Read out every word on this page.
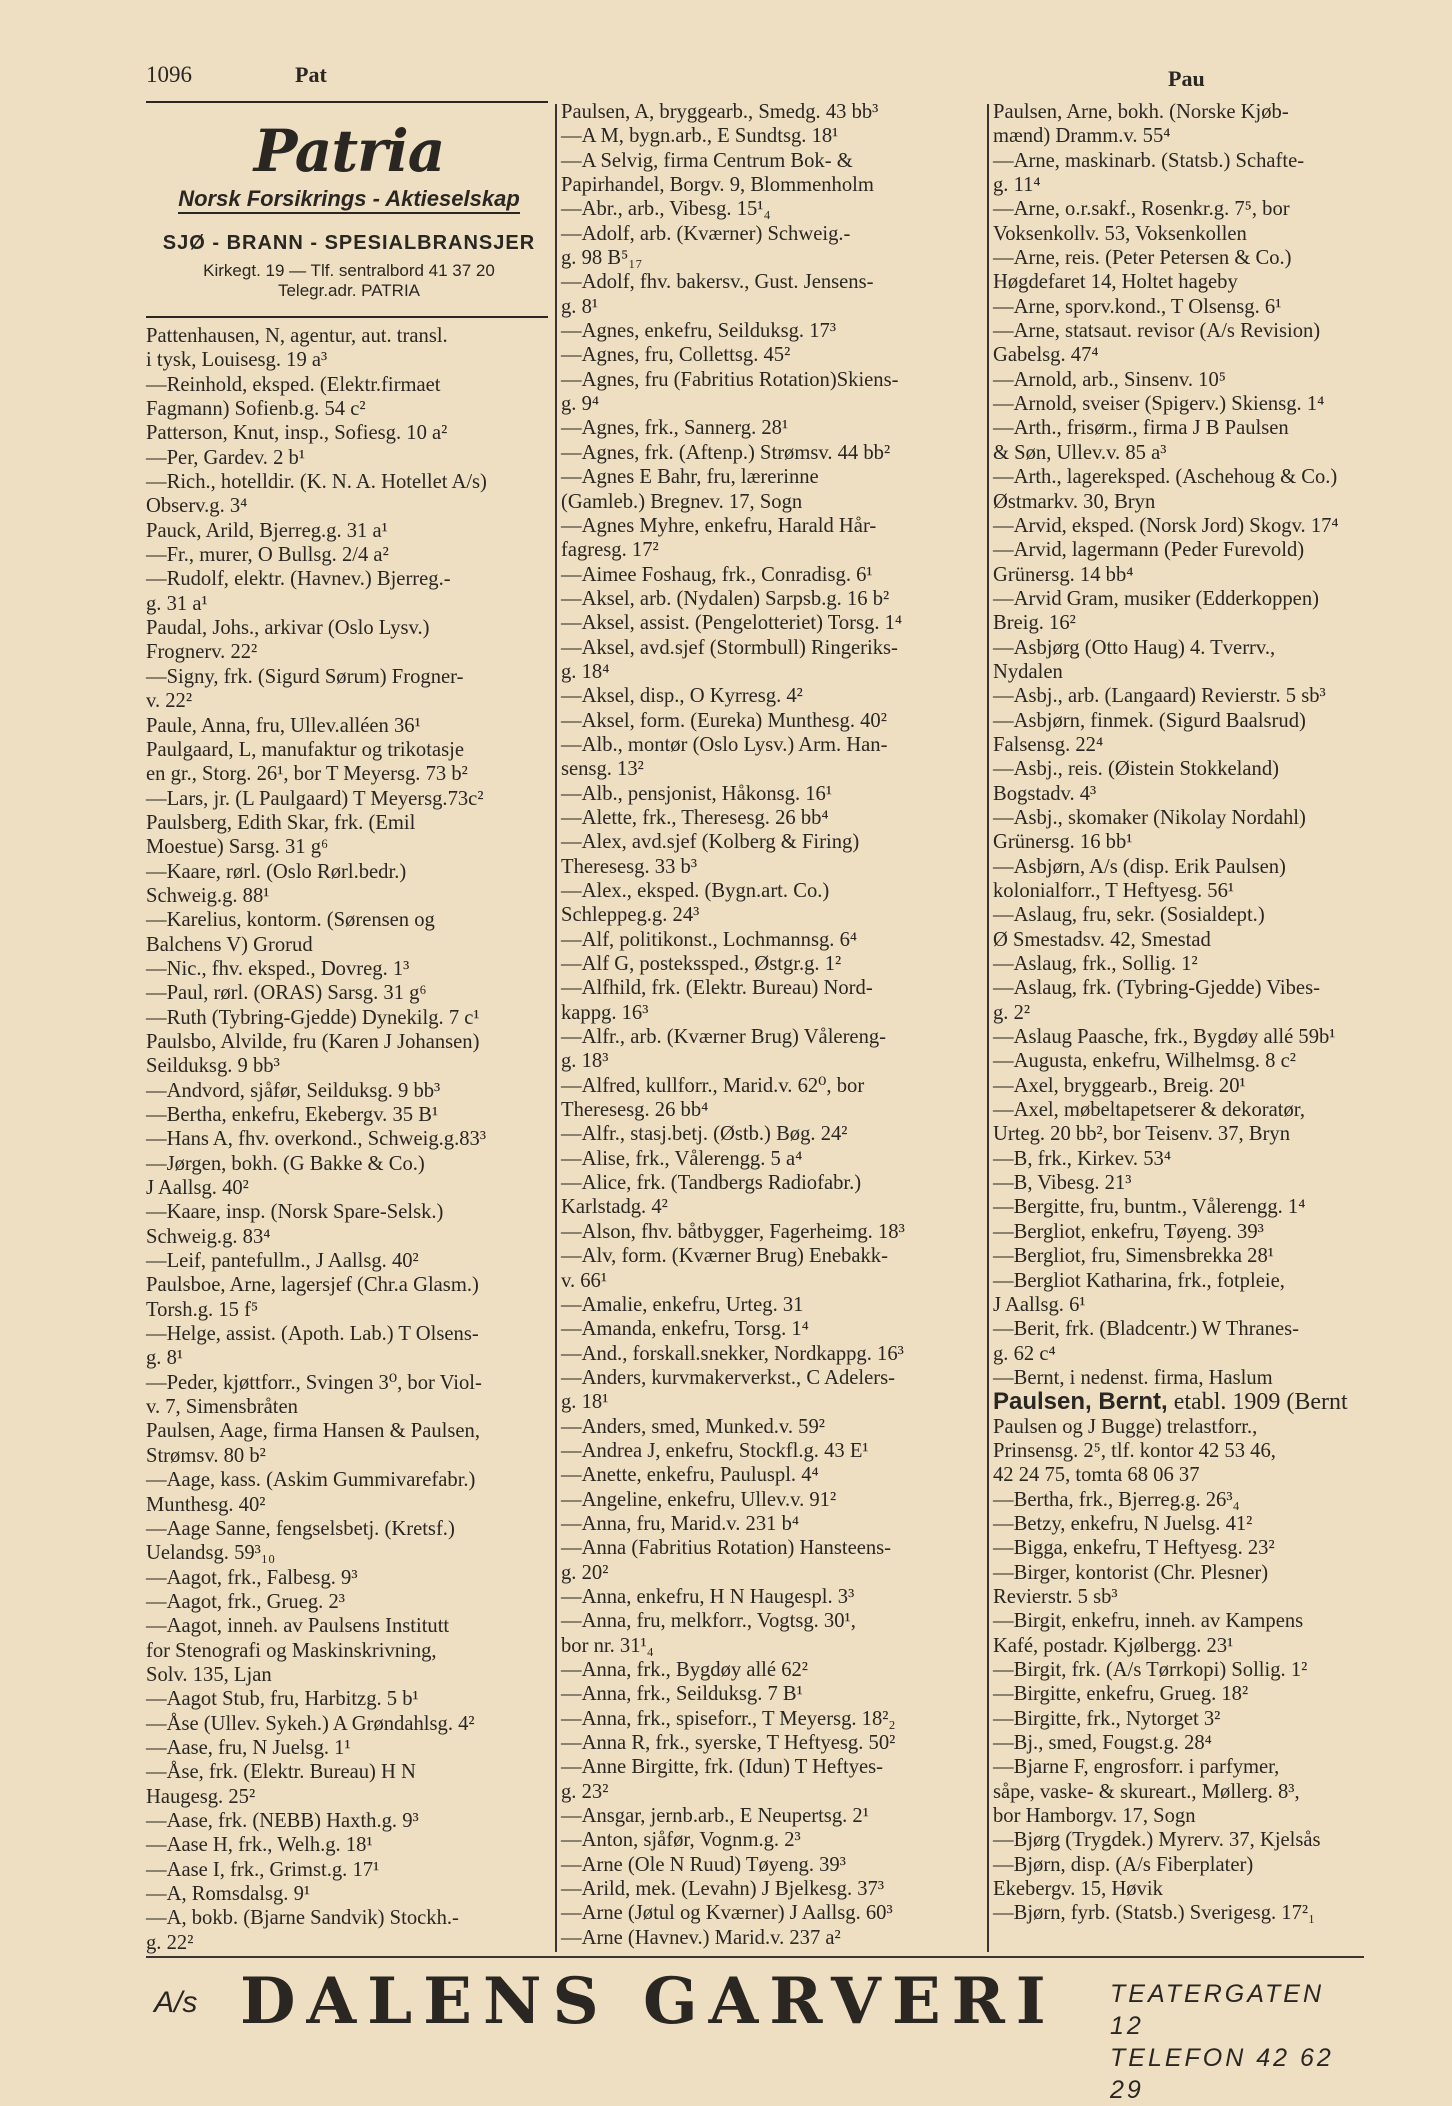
1096	Pat	Pau
Patria
Norsk Forsikrings - Aktieselskap
SJØ - BRANN - SPESIALBRANSJER
Kirkegt. 19 — Tlf. sentralbord 41 37 20
Telegr.adr. PATRIA

Pattenhausen, N, agentur, aut. transl.

i tysk, Louisesg. 19 a³

—Reinhold, eksped. (Elektr.firmaet

Fagmann) Sofienb.g. 54 c²

Patterson, Knut, insp., Sofiesg. 10 a²

—Per, Gardev. 2 b¹

—Rich., hotelldir. (K. N. A. Hotellet A/s)

Observ.g. 3⁴

Pauck, Arild, Bjerreg.g. 31 a¹

—Fr., murer, O Bullsg. 2/4 a²

—Rudolf, elektr. (Havnev.) Bjerreg.-

g. 31 a¹

Paudal, Johs., arkivar (Oslo Lysv.)

Frognerv. 22²

—Signy, frk. (Sigurd Sørum) Frogner-

v. 22²

Paule, Anna, fru, Ullev.alléen 36¹

Paulgaard, L, manufaktur og trikotasje

en gr., Storg. 26¹, bor T Meyersg. 73 b²

—Lars, jr. (L Paulgaard) T Meyersg.73c²

Paulsberg, Edith Skar, frk. (Emil

Moestue) Sarsg. 31 g⁶

—Kaare, rørl. (Oslo Rørl.bedr.)

Schweig.g. 88¹

—Karelius, kontorm. (Sørensen og

Balchens V) Grorud

—Nic., fhv. eksped., Dovreg. 1³

—Paul, rørl. (ORAS) Sarsg. 31 g⁶

—Ruth (Tybring-Gjedde) Dynekilg. 7 c¹

Paulsbo, Alvilde, fru (Karen J Johansen)

Seilduksg. 9 bb³

—Andvord, sjåfør, Seilduksg. 9 bb³

—Bertha, enkefru, Ekebergv. 35 B¹

—Hans A, fhv. overkond., Schweig.g.83³

—Jørgen, bokh. (G Bakke & Co.)

J Aallsg. 40²

—Kaare, insp. (Norsk Spare-Selsk.)

Schweig.g. 83⁴

—Leif, pantefullm., J Aallsg. 40²

Paulsboe, Arne, lagersjef (Chr.a Glasm.)

Torsh.g. 15 f⁵

—Helge, assist. (Apoth. Lab.) T Olsens-

g. 8¹

—Peder, kjøttforr., Svingen 3⁰, bor Viol-

v. 7, Simensbråten

Paulsen, Aage, firma Hansen & Paulsen,

Strømsv. 80 b²

—Aage, kass. (Askim Gummivarefabr.)

Munthesg. 40²

—Aage Sanne, fengselsbetj. (Kretsf.)

Uelandsg. 59³₁₀

—Aagot, frk., Falbesg. 9³

—Aagot, frk., Grueg. 2³

—Aagot, inneh. av Paulsens Institutt

for Stenografi og Maskinskrivning,

Solv. 135, Ljan

—Aagot Stub, fru, Harbitzg. 5 b¹

—Åse (Ullev. Sykeh.) A Grøndahlsg. 4²

—Aase, fru, N Juelsg. 1¹

—Åse, frk. (Elektr. Bureau) H N

Haugesg. 25²

—Aase, frk. (NEBB) Haxth.g. 9³

—Aase H, frk., Welh.g. 18¹

—Aase I, frk., Grimst.g. 17¹

—A, Romsdalsg. 9¹

—A, bokb. (Bjarne Sandvik) Stockh.-

g. 22²

Paulsen, A, bryggearb., Smedg. 43 bb³

—A M, bygn.arb., E Sundtsg. 18¹

—A Selvig, firma Centrum Bok- &

Papirhandel, Borgv. 9, Blommenholm

—Abr., arb., Vibesg. 15¹₄

—Adolf, arb. (Kværner) Schweig.-

g. 98 B⁵₁₇

—Adolf, fhv. bakersv., Gust. Jensens-

g. 8¹

—Agnes, enkefru, Seilduksg. 17³

—Agnes, fru, Collettsg. 45²

—Agnes, fru (Fabritius Rotation)Skiens-

g. 9⁴

—Agnes, frk., Sannerg. 28¹

—Agnes, frk. (Aftenp.) Strømsv. 44 bb²

—Agnes E Bahr, fru, lærerinne

(Gamleb.) Bregnev. 17, Sogn

—Agnes Myhre, enkefru, Harald Hår-

fagresg. 17²

—Aimee Foshaug, frk., Conradisg. 6¹

—Aksel, arb. (Nydalen) Sarpsb.g. 16 b²

—Aksel, assist. (Pengelotteriet) Torsg. 1⁴

—Aksel, avd.sjef (Stormbull) Ringeriks-

g. 18⁴

—Aksel, disp., O Kyrresg. 4²

—Aksel, form. (Eureka) Munthesg. 40²

—Alb., montør (Oslo Lysv.) Arm. Han-

sensg. 13²

—Alb., pensjonist, Håkonsg. 16¹

—Alette, frk., Theresesg. 26 bb⁴

—Alex, avd.sjef (Kolberg & Firing)

Theresesg. 33 b³

—Alex., eksped. (Bygn.art. Co.)

Schleppeg.g. 24³

—Alf, politikonst., Lochmannsg. 6⁴

—Alf G, postekssped., Østgr.g. 1²

—Alfhild, frk. (Elektr. Bureau) Nord-

kappg. 16³

—Alfr., arb. (Kværner Brug) Vålereng-

g. 18³

—Alfred, kullforr., Marid.v. 62⁰, bor

Theresesg. 26 bb⁴

—Alfr., stasj.betj. (Østb.) Bøg. 24²

—Alise, frk., Vålerengg. 5 a⁴

—Alice, frk. (Tandbergs Radiofabr.)

Karlstadg. 4²

—Alson, fhv. båtbygger, Fagerheimg. 18³

—Alv, form. (Kværner Brug) Enebakk-

v. 66¹

—Amalie, enkefru, Urteg. 31

—Amanda, enkefru, Torsg. 1⁴

—And., forskall.snekker, Nordkappg. 16³

—Anders, kurvmakerverkst., C Adelers-

g. 18¹

—Anders, smed, Munked.v. 59²

—Andrea J, enkefru, Stockfl.g. 43 E¹

—Anette, enkefru, Pauluspl. 4⁴

—Angeline, enkefru, Ullev.v. 91²

—Anna, fru, Marid.v. 231 b⁴

—Anna (Fabritius Rotation) Hansteens-

g. 20²

—Anna, enkefru, H N Haugespl. 3³

—Anna, fru, melkforr., Vogtsg. 30¹,

bor nr. 31¹₄

—Anna, frk., Bygdøy allé 62²

—Anna, frk., Seilduksg. 7 B¹

—Anna, frk., spiseforr., T Meyersg. 18²₂

—Anna R, frk., syerske, T Heftyesg. 50²

—Anne Birgitte, frk. (Idun) T Heftyes-

g. 23²

—Ansgar, jernb.arb., E Neupertsg. 2¹

—Anton, sjåfør, Vognm.g. 2³

—Arne (Ole N Ruud) Tøyeng. 39³

—Arild, mek. (Levahn) J Bjelkesg. 37³

—Arne (Jøtul og Kværner) J Aallsg. 60³

—Arne (Havnev.) Marid.v. 237 a²

Paulsen, Arne, bokh. (Norske Kjøb-

mænd) Dramm.v. 55⁴

—Arne, maskinarb. (Statsb.) Schafte-

g. 11⁴

—Arne, o.r.sakf., Rosenkr.g. 7⁵, bor

Voksenkollv. 53, Voksenkollen

—Arne, reis. (Peter Petersen & Co.)

Høgdefaret 14, Holtet hageby

—Arne, sporv.kond., T Olsensg. 6¹

—Arne, statsaut. revisor (A/s Revision)

Gabelsg. 47⁴

—Arnold, arb., Sinsenv. 10⁵

—Arnold, sveiser (Spigerv.) Skiensg. 1⁴

—Arth., frisørm., firma J B Paulsen

& Søn, Ullev.v. 85 a³

—Arth., lagereksped. (Aschehoug & Co.)

Østmarkv. 30, Bryn

—Arvid, eksped. (Norsk Jord) Skogv. 17⁴

—Arvid, lagermann (Peder Furevold)

Grünersg. 14 bb⁴

—Arvid Gram, musiker (Edderkoppen)

Breig. 16²

—Asbjørg (Otto Haug) 4. Tverrv.,

Nydalen

—Asbj., arb. (Langaard) Revierstr. 5 sb³

—Asbjørn, finmek. (Sigurd Baalsrud)

Falsensg. 22⁴

—Asbj., reis. (Øistein Stokkeland)

Bogstadv. 4³

—Asbj., skomaker (Nikolay Nordahl)

Grünersg. 16 bb¹

—Asbjørn, A/s (disp. Erik Paulsen)

kolonialforr., T Heftyesg. 56¹

—Aslaug, fru, sekr. (Sosialdept.)

Ø Smestadsv. 42, Smestad

—Aslaug, frk., Sollig. 1²

—Aslaug, frk. (Tybring-Gjedde) Vibes-

g. 2²

—Aslaug Paasche, frk., Bygdøy allé 59b¹

—Augusta, enkefru, Wilhelmsg. 8 c²

—Axel, bryggearb., Breig. 20¹

—Axel, møbeltapetserer & dekoratør,

Urteg. 20 bb², bor Teisenv. 37, Bryn

—B, frk., Kirkev. 53⁴

—B, Vibesg. 21³

—Bergitte, fru, buntm., Vålerengg. 1⁴

—Bergliot, enkefru, Tøyeng. 39³

—Bergliot, fru, Simensbrekka 28¹

—Bergliot Katharina, frk., fotpleie,

J Aallsg. 6¹

—Berit, frk. (Bladcentr.) W Thranes-

g. 62 c⁴

—Bernt, i nedenst. firma, Haslum

Paulsen, Bernt, etabl. 1909 (Bernt

Paulsen og J Bugge) trelastforr.,

Prinsensg. 2⁵, tlf. kontor 42 53 46,

42 24 75, tomta 68 06 37

—Bertha, frk., Bjerreg.g. 26³₄

—Betzy, enkefru, N Juelsg. 41²

—Bigga, enkefru, T Heftyesg. 23²

—Birger, kontorist (Chr. Plesner)

Revierstr. 5 sb³

—Birgit, enkefru, inneh. av Kampens

Kafé, postadr. Kjølbergg. 23¹

—Birgit, frk. (A/s Tørrkopi) Sollig. 1²

—Birgitte, enkefru, Grueg. 18²

—Birgitte, frk., Nytorget 3²

—Bj., smed, Fougst.g. 28⁴

—Bjarne F, engrosforr. i parfymer,

såpe, vaske- & skureart., Møllerg. 8³,

bor Hamborgv. 17, Sogn

—Bjørg (Trygdek.) Myrerv. 37, Kjelsås

—Bjørn, disp. (A/s Fiberplater)

Ekebergv. 15, Høvik

—Bjørn, fyrb. (Statsb.) Sverigesg. 17²₁

A/s DALENS GARVERI TEATERGATEN 12
TELEFON 42 62 29
